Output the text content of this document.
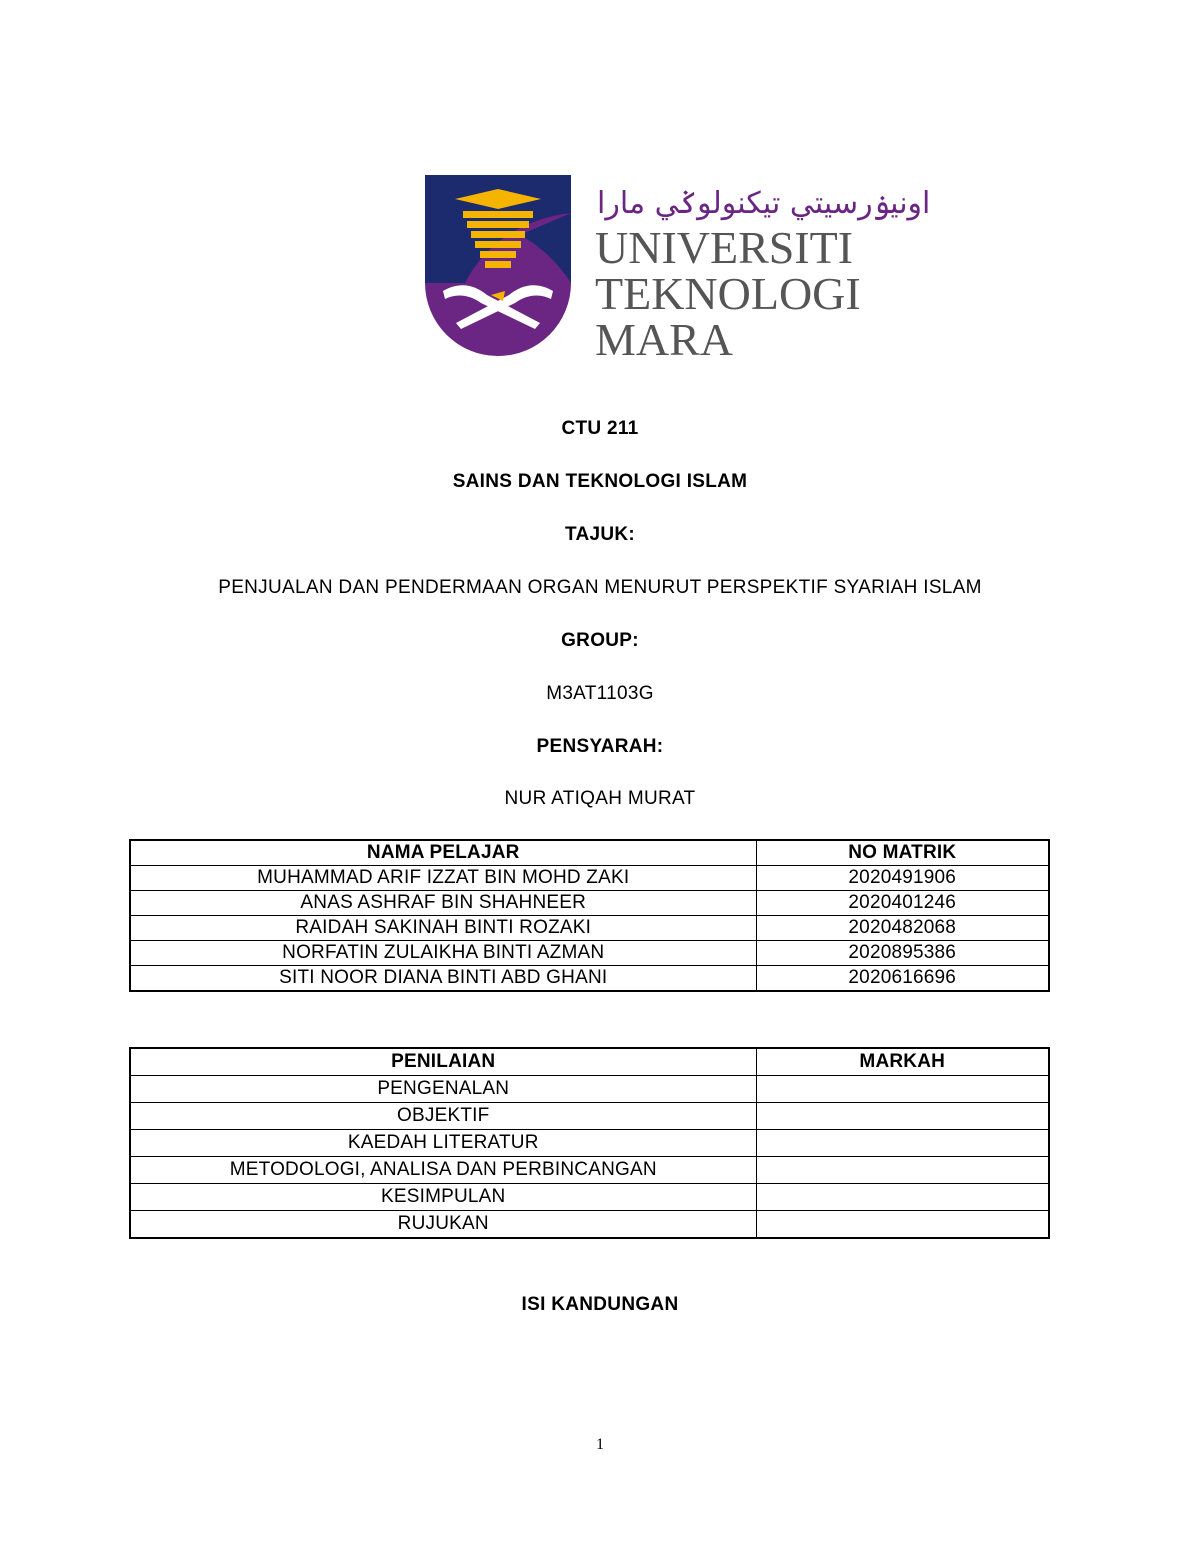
اونيۏرسيتي تيکنولوݢي مارا
UNIVERSITI
TEKNOLOGI
MARA
CTU 211
SAINS DAN TEKNOLOGI ISLAM
TAJUK:
PENJUALAN DAN PENDERMAAN ORGAN MENURUT PERSPEKTIF SYARIAH ISLAM
GROUP:
M3AT1103G
PENSYARAH:
NUR ATIQAH MURAT
NAMA PELAJAR	NO MATRIK
MUHAMMAD ARIF IZZAT BIN MOHD ZAKI	2020491906
ANAS ASHRAF BIN SHAHNEER	2020401246
RAIDAH SAKINAH BINTI ROZAKI	2020482068
NORFATIN ZULAIKHA BINTI AZMAN	2020895386
SITI NOOR DIANA BINTI ABD GHANI	2020616696
PENILAIAN	MARKAH
PENGENALAN	
OBJEKTIF	
KAEDAH LITERATUR	
METODOLOGI, ANALISA DAN PERBINCANGAN	
KESIMPULAN	
RUJUKAN	
ISI KANDUNGAN
1
